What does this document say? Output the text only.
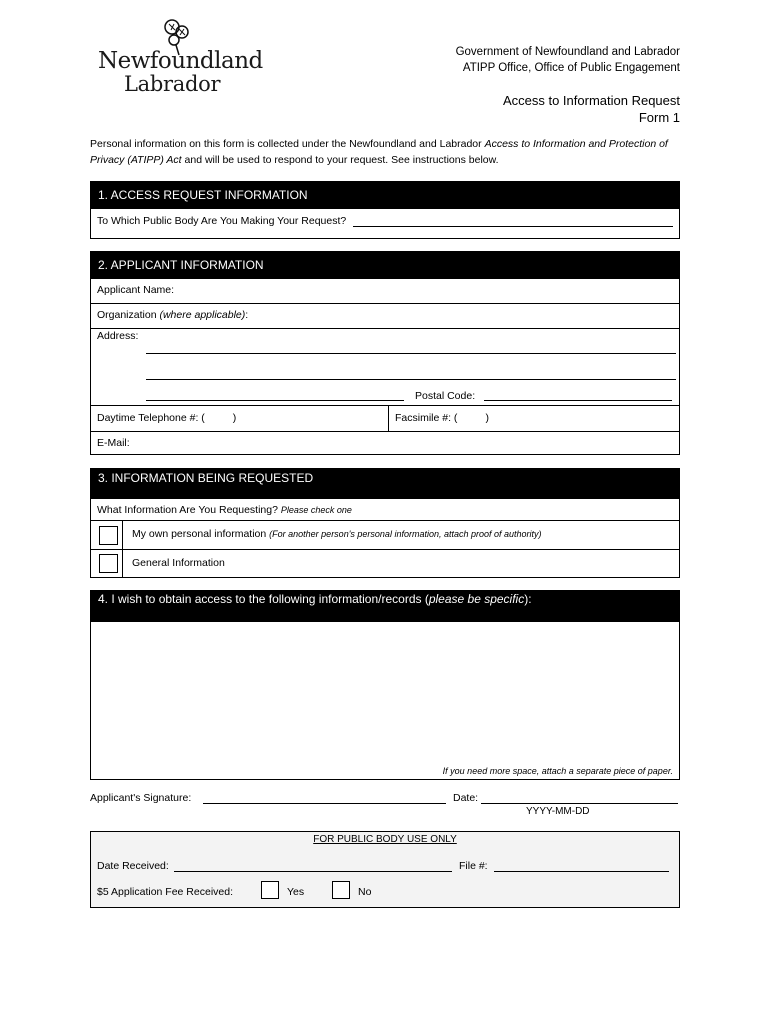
Newfoundland
Labrador
Government of Newfoundland and Labrador
ATIPP Office, Office of Public Engagement
Access to Information Request
Form 1
Personal information on this form is collected under the Newfoundland and Labrador Access to Information and Protection of Privacy (ATIPP) Act and will be used to respond to your request. See instructions below.
1. ACCESS REQUEST INFORMATION
To Which Public Body Are You Making Your Request?
2. APPLICANT INFORMATION
Applicant Name:
Organization (where applicable):
Address:
Postal Code:
Daytime Telephone #: (	)	Facsimile #: (	)
E-Mail:
3. INFORMATION BEING REQUESTED
What Information Are You Requesting? Please check one
My own personal information (For another person's personal information, attach proof of authority)
General Information
4. I wish to obtain access to the following information/records (please be specific):
If you need more space, attach a separate piece of paper.
Applicant's Signature:	Date:
YYYY-MM-DD
FOR PUBLIC BODY USE ONLY
Date Received:	File #:
$5 Application Fee Received:	Yes	No
